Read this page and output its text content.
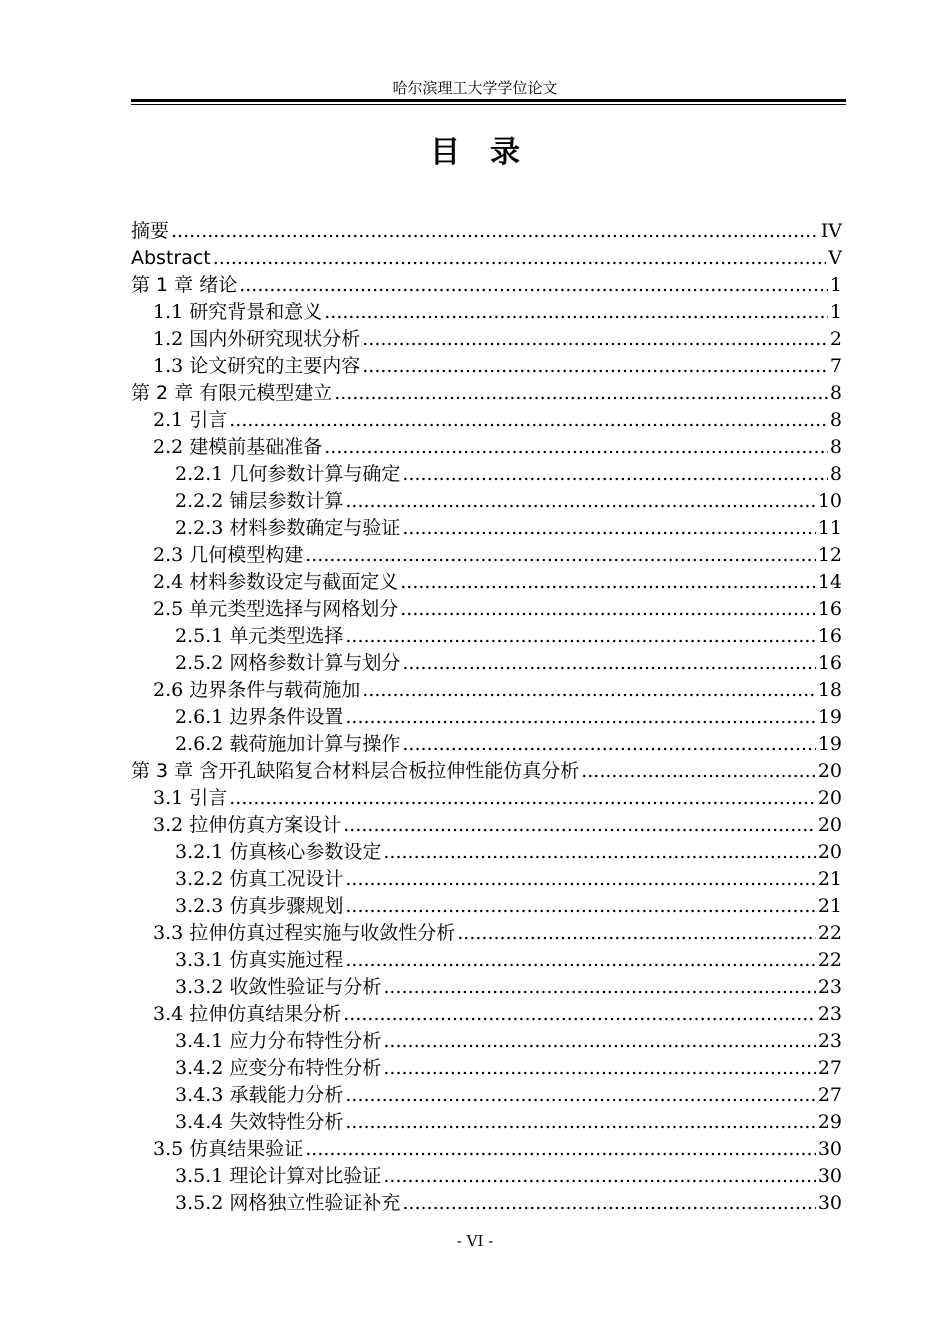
哈尔滨理工大学学位论文
目录
摘要 .....	IV
Abstract .....	V
第 1 章 绪论 .....	1
1.1 研究背景和意义 .....	1
1.2 国内外研究现状分析 .....	2
1.3 论文研究的主要内容 .....	7
第 2 章 有限元模型建立 .....	8
2.1 引言 .....	8
2.2 建模前基础准备 .....	8
2.2.1 几何参数计算与确定 .....	8
2.2.2 铺层参数计算 .....	10
2.2.3 材料参数确定与验证 .....	11
2.3 几何模型构建 .....	12
2.4 材料参数设定与截面定义 .....	14
2.5 单元类型选择与网格划分 .....	16
2.5.1 单元类型选择 .....	16
2.5.2 网格参数计算与划分 .....	16
2.6 边界条件与载荷施加 .....	18
2.6.1 边界条件设置 .....	19
2.6.2 载荷施加计算与操作 .....	19
第 3 章 含开孔缺陷复合材料层合板拉伸性能仿真分析 .....	20
3.1 引言 .....	20
3.2 拉伸仿真方案设计 .....	20
3.2.1 仿真核心参数设定 .....	20
3.2.2 仿真工况设计 .....	21
3.2.3 仿真步骤规划 .....	21
3.3 拉伸仿真过程实施与收敛性分析 .....	22
3.3.1 仿真实施过程 .....	22
3.3.2 收敛性验证与分析 .....	23
3.4 拉伸仿真结果分析 .....	23
3.4.1 应力分布特性分析 .....	23
3.4.2 应变分布特性分析 .....	27
3.4.3 承载能力分析 .....	27
3.4.4 失效特性分析 .....	29
3.5 仿真结果验证 .....	30
3.5.1 理论计算对比验证 .....	30
3.5.2 网格独立性验证补充 .....	30
- VI -
